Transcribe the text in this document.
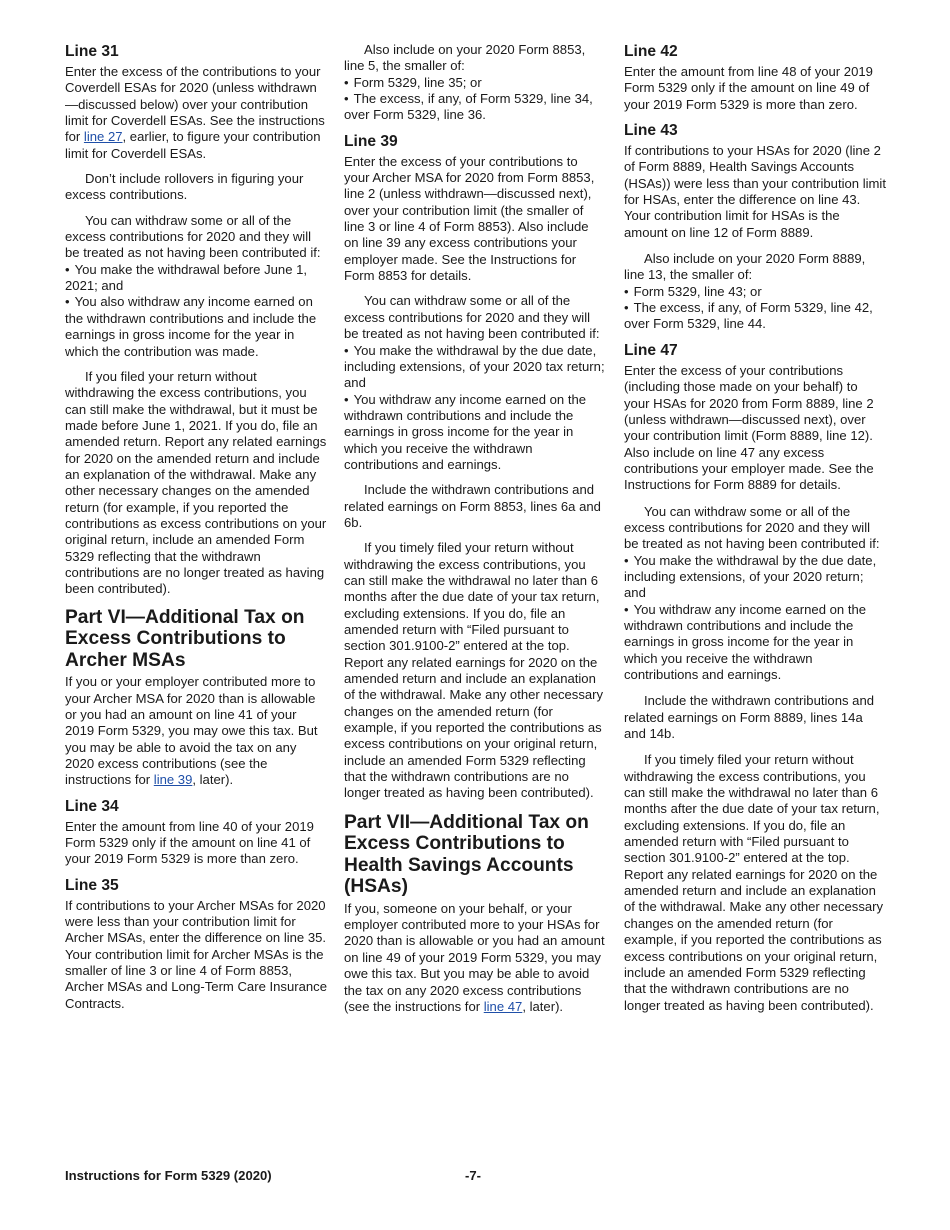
Line 31

Enter the excess of the contributions to your Coverdell ESAs for 2020 (unless withdrawn—discussed below) over your contribution limit for Coverdell ESAs. See the instructions for line 27, earlier, to figure your contribution limit for Coverdell ESAs.

Don’t include rollovers in figuring your excess contributions.

You can withdraw some or all of the excess contributions for 2020 and they will be treated as not having been contributed if:

• You make the withdrawal before June 1, 2021; and

• You also withdraw any income earned on the withdrawn contributions and include the earnings in gross income for the year in which the contribution was made.

If you filed your return without withdrawing the excess contributions, you can still make the withdrawal, but it must be made before June 1, 2021. If you do, file an amended return. Report any related earnings for 2020 on the amended return and include an explanation of the withdrawal. Make any other necessary changes on the amended return (for example, if you reported the contributions as excess contributions on your original return, include an amended Form 5329 reflecting that the withdrawn contributions are no longer treated as having been contributed).

Part VI—Additional Tax on Excess Contributions to Archer MSAs

If you or your employer contributed more to your Archer MSA for 2020 than is allowable or you had an amount on line 41 of your 2019 Form 5329, you may owe this tax. But you may be able to avoid the tax on any 2020 excess contributions (see the instructions for line 39, later).

Line 34

Enter the amount from line 40 of your 2019 Form 5329 only if the amount on line 41 of your 2019 Form 5329 is more than zero.

Line 35

If contributions to your Archer MSAs for 2020 were less than your contribution limit for Archer MSAs, enter the difference on line 35. Your contribution limit for Archer MSAs is the smaller of line 3 or line 4 of Form 8853, Archer MSAs and Long-Term Care Insurance Contracts.

Also include on your 2020 Form 8853, line 5, the smaller of:

• Form 5329, line 35; or

• The excess, if any, of Form 5329, line 34, over Form 5329, line 36.

Line 39

Enter the excess of your contributions to your Archer MSA for 2020 from Form 8853, line 2 (unless withdrawn—discussed next), over your contribution limit (the smaller of line 3 or line 4 of Form 8853). Also include on line 39 any excess contributions your employer made. See the Instructions for Form 8853 for details.

You can withdraw some or all of the excess contributions for 2020 and they will be treated as not having been contributed if:

• You make the withdrawal by the due date, including extensions, of your 2020 tax return; and

• You withdraw any income earned on the withdrawn contributions and include the earnings in gross income for the year in which you receive the withdrawn contributions and earnings.

Include the withdrawn contributions and related earnings on Form 8853, lines 6a and 6b.

If you timely filed your return without withdrawing the excess contributions, you can still make the withdrawal no later than 6 months after the due date of your tax return, excluding extensions. If you do, file an amended return with “Filed pursuant to section 301.9100-2” entered at the top. Report any related earnings for 2020 on the amended return and include an explanation of the withdrawal. Make any other necessary changes on the amended return (for example, if you reported the contributions as excess contributions on your original return, include an amended Form 5329 reflecting that the withdrawn contributions are no longer treated as having been contributed).

Part VII—Additional Tax on Excess Contributions to Health Savings Accounts (HSAs)

If you, someone on your behalf, or your employer contributed more to your HSAs for 2020 than is allowable or you had an amount on line 49 of your 2019 Form 5329, you may owe this tax. But you may be able to avoid the tax on any 2020 excess contributions (see the instructions for line 47, later).

Line 42

Enter the amount from line 48 of your 2019 Form 5329 only if the amount on line 49 of your 2019 Form 5329 is more than zero.

Line 43

If contributions to your HSAs for 2020 (line 2 of Form 8889, Health Savings Accounts (HSAs)) were less than your contribution limit for HSAs, enter the difference on line 43. Your contribution limit for HSAs is the amount on line 12 of Form 8889.

Also include on your 2020 Form 8889, line 13, the smaller of:

• Form 5329, line 43; or

• The excess, if any, of Form 5329, line 42, over Form 5329, line 44.

Line 47

Enter the excess of your contributions (including those made on your behalf) to your HSAs for 2020 from Form 8889, line 2 (unless withdrawn—discussed next), over your contribution limit (Form 8889, line 12). Also include on line 47 any excess contributions your employer made. See the Instructions for Form 8889 for details.

You can withdraw some or all of the excess contributions for 2020 and they will be treated as not having been contributed if:

• You make the withdrawal by the due date, including extensions, of your 2020 return; and

• You withdraw any income earned on the withdrawn contributions and include the earnings in gross income for the year in which you receive the withdrawn contributions and earnings.

Include the withdrawn contributions and related earnings on Form 8889, lines 14a and 14b.

If you timely filed your return without withdrawing the excess contributions, you can still make the withdrawal no later than 6 months after the due date of your tax return, excluding extensions. If you do, file an amended return with “Filed pursuant to section 301.9100-2” entered at the top. Report any related earnings for 2020 on the amended return and include an explanation of the withdrawal. Make any other necessary changes on the amended return (for example, if you reported the contributions as excess contributions on your original return, include an amended Form 5329 reflecting that the withdrawn contributions are no longer treated as having been contributed).

Instructions for Form 5329 (2020)	-7-
